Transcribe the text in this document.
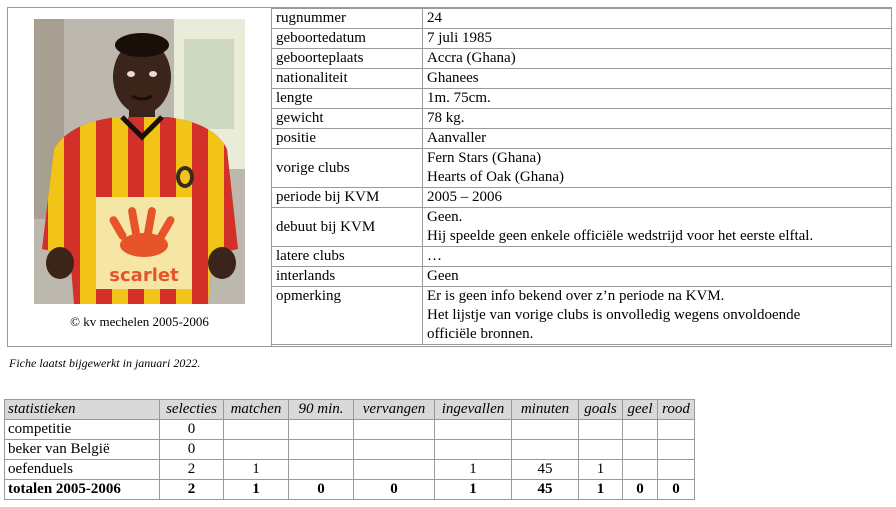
scarlet
© kv mechelen 2005-2006
rugnummer	24

geboortedatum	7 juli 1985

geboorteplaats	Accra (Ghana)

nationaliteit	Ghanees

lengte	1m. 75cm.

gewicht	78 kg.

positie	Aanvaller

vorige clubs	Fern Stars (Ghana)
Hearts of Oak (Ghana)

periode bij KVM	2005 – 2006

debuut bij KVM	Geen.
Hij speelde geen enkele officiële wedstrijd voor het eerste elftal.

latere clubs	…

interlands	Geen

opmerking	Er is geen info bekend over z’n periode na KVM.
Het lijstje van vorige clubs is onvolledig wegens onvoldoende
officiële bronnen.
Fiche laatst bijgewerkt in januari 2022.
statistieken	selecties	matchen	90 min.	vervangen	ingevallen	minuten	goals	geel	rood
competitie	0								
beker van België	0								
oefenduels	2	1			1	45	1		
totalen 2005-2006	2	1	0	0	1	45	1	0	0
